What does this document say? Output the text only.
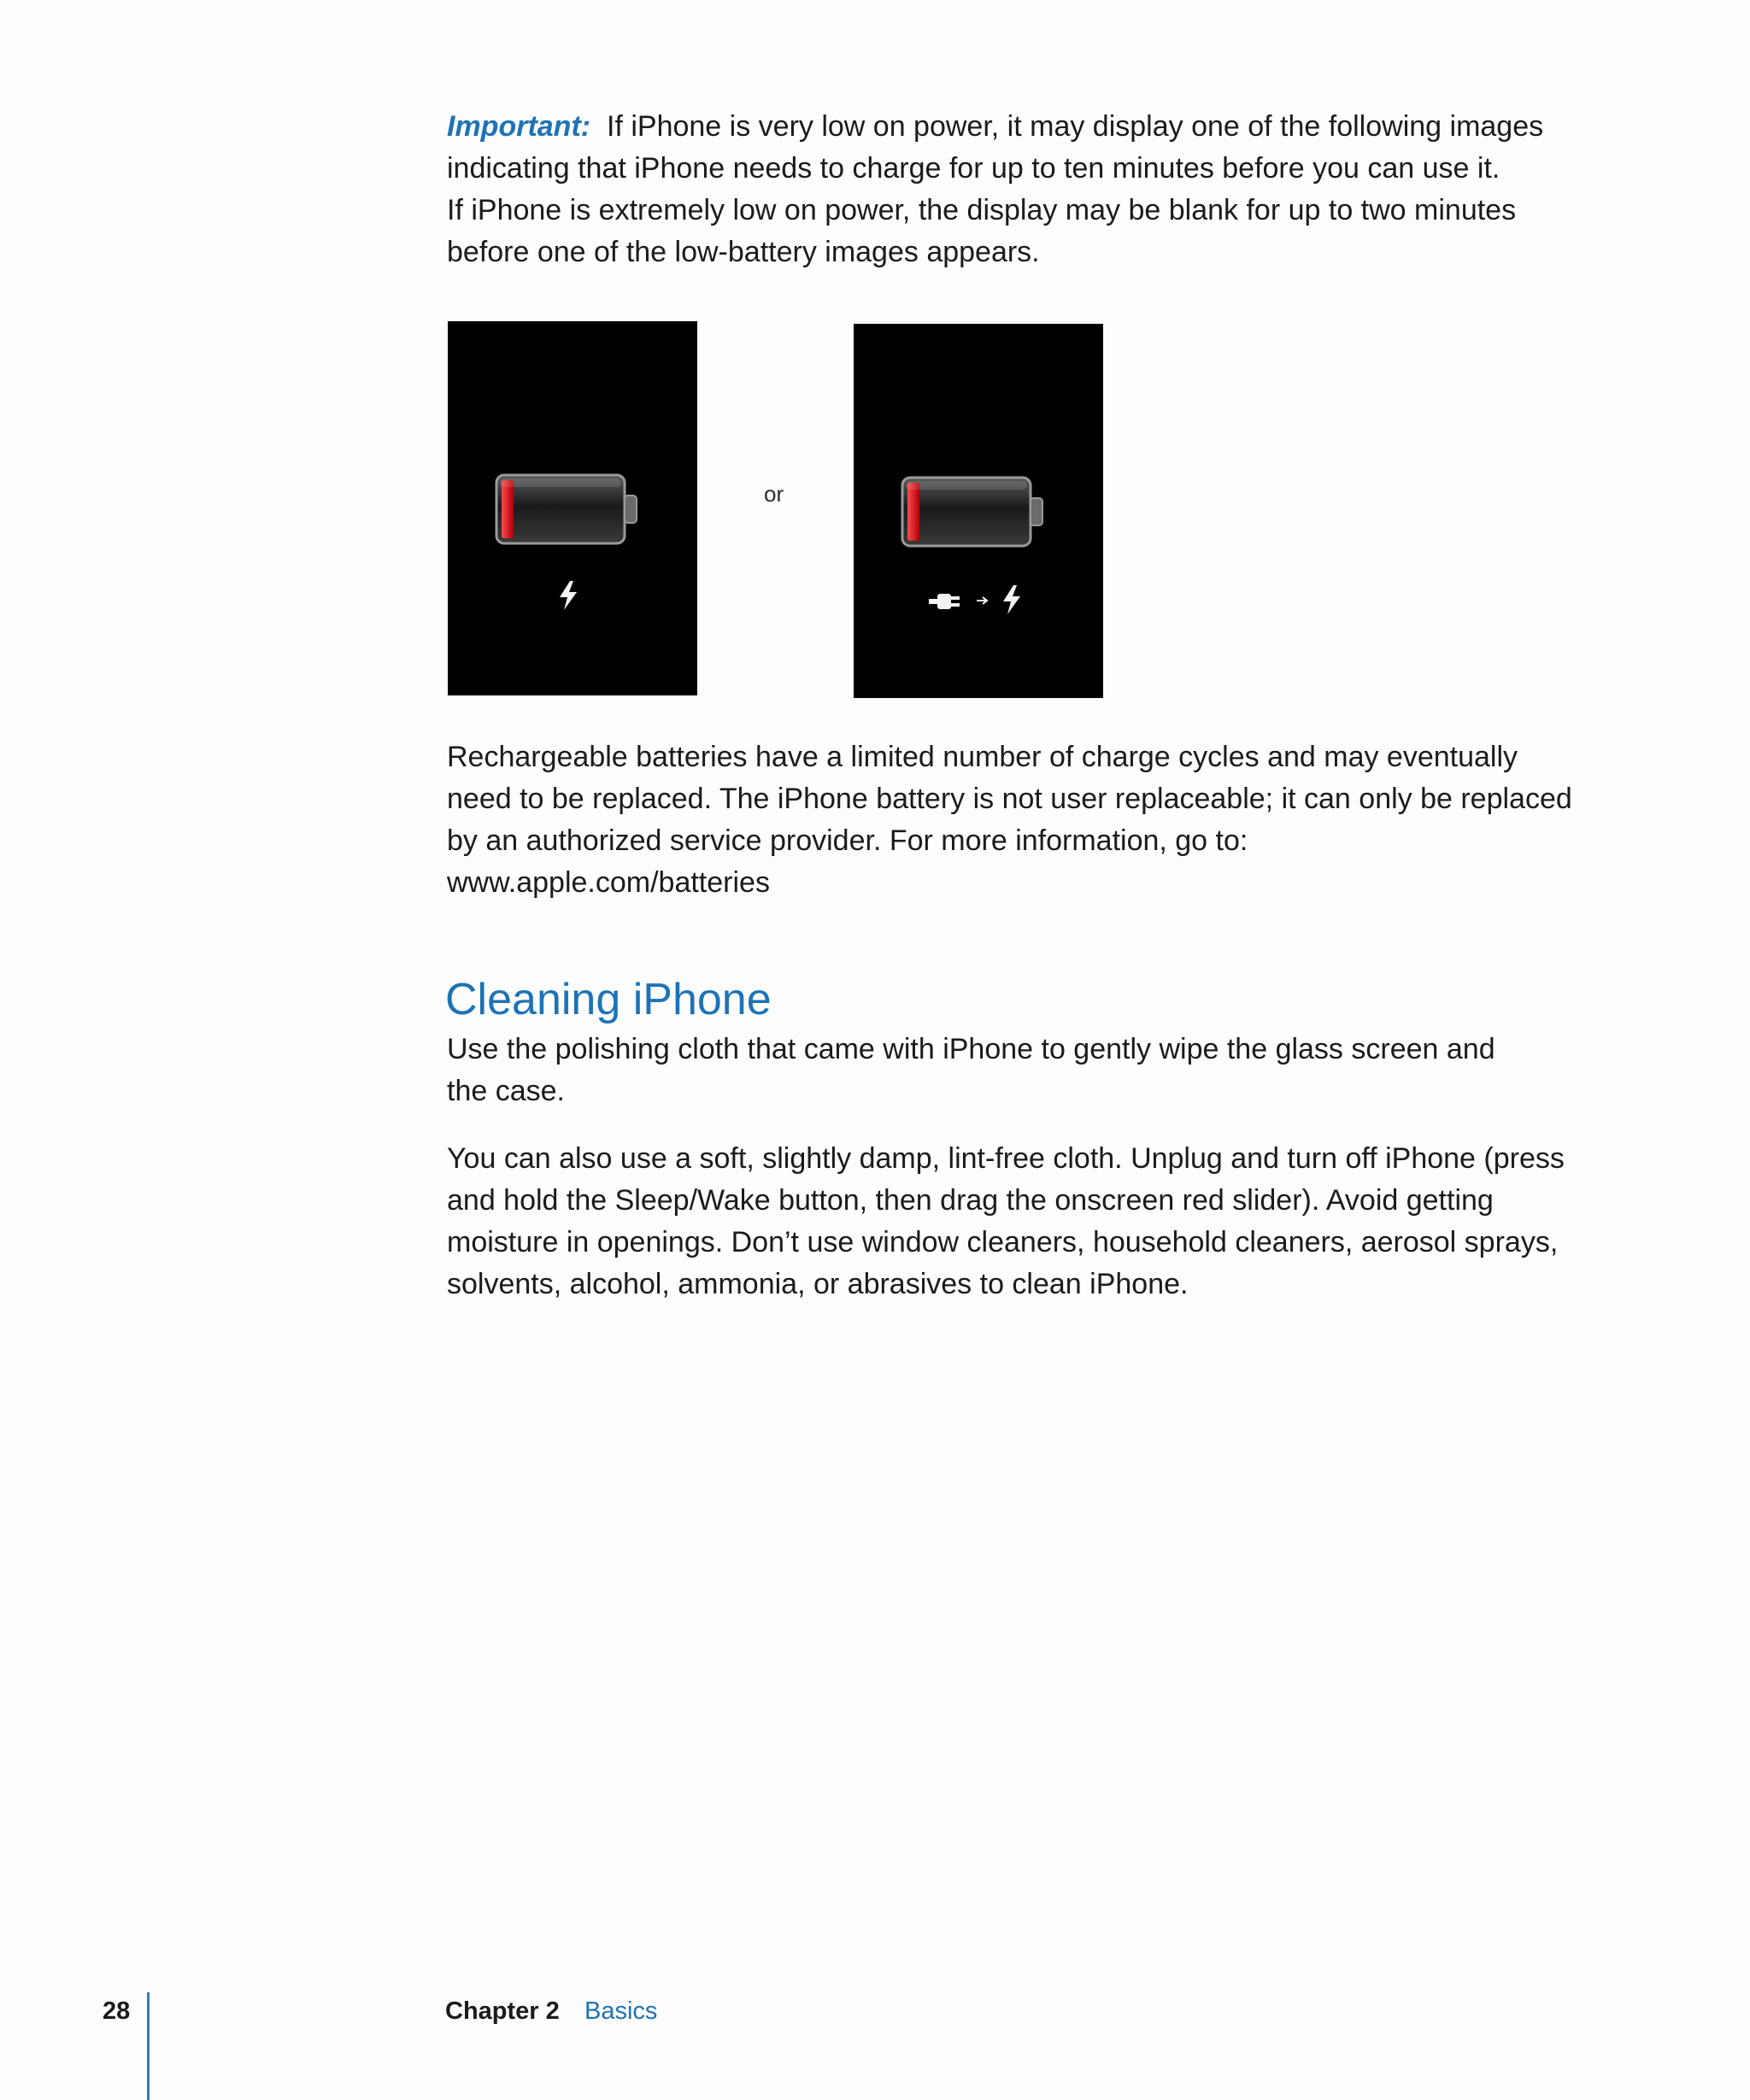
Important: If iPhone is very low on power, it may display one of the following images
indicating that iPhone needs to charge for up to ten minutes before you can use it.
If iPhone is extremely low on power, the display may be blank for up to two minutes
before one of the low-battery images appears.

or

Rechargeable batteries have a limited number of charge cycles and may eventually
need to be replaced. The iPhone battery is not user replaceable; it can only be replaced
by an authorized service provider. For more information, go to:
www.apple.com/batteries

Cleaning iPhone

Use the polishing cloth that came with iPhone to gently wipe the glass screen and
the case.

You can also use a soft, slightly damp, lint-free cloth. Unplug and turn off iPhone (press
and hold the Sleep/Wake button, then drag the onscreen red slider). Avoid getting
moisture in openings. Don’t use window cleaners, household cleaners, aerosol sprays,
solvents, alcohol, ammonia, or abrasives to clean iPhone.

28	Chapter 2 Basics
